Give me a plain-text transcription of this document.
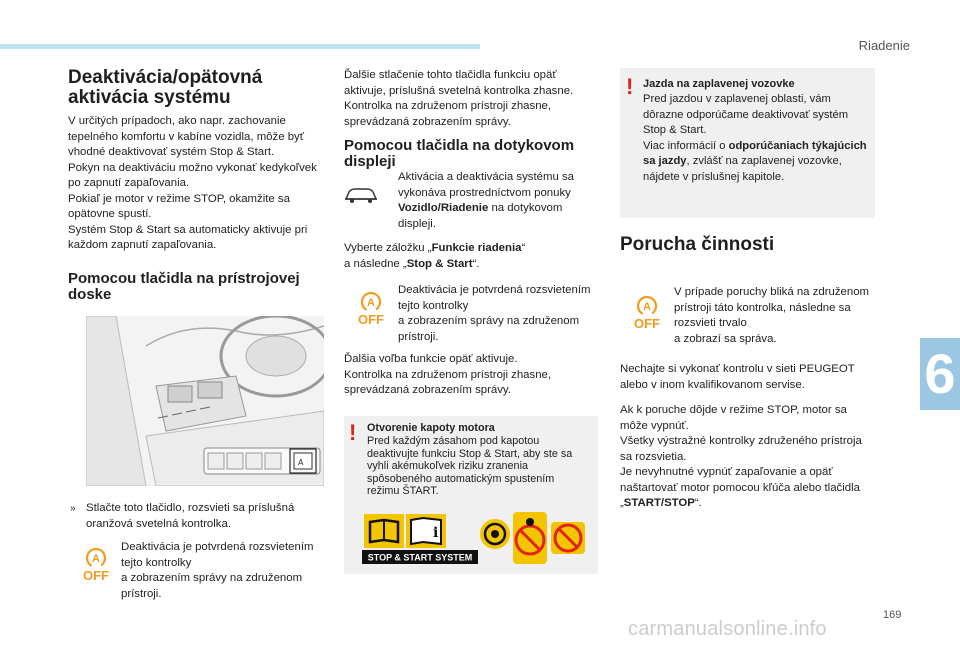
Riadenie
6
169
carmanualsonline.info
Deaktivácia/opätovná aktivácia systému
V určitých prípadoch, ako napr. zachovanie tepelného komfortu v kabíne vozidla, môže byť vhodné deaktivovať systém Stop & Start.
Pokyn na deaktiváciu možno vykonať kedykoľvek po zapnutí zapaľovania.
Pokiaľ je motor v režime STOP, okamžite sa opätovne spustí.
Systém Stop & Start sa automaticky aktivuje pri každom zapnutí zapaľovania.
Pomocou tlačidla na prístrojovej doske
A
» Stlačte toto tlačidlo, rozsvieti sa príslušná oranžová svetelná kontrolka.
A
OFF
Deaktivácia je potvrdená rozsvietením tejto kontrolky
a zobrazením správy na združenom prístroji.
Ďalšie stlačenie tohto tlačidla funkciu opäť aktivuje, príslušná svetelná kontrolka zhasne.
Kontrolka na združenom prístroji zhasne, sprevádzaná zobrazením správy.
Pomocou tlačidla na dotykovom displeji
Aktivácia a deaktivácia systému sa vykonáva prostredníctvom ponuky Vozidlo/Riadenie na dotykovom displeji.
Vyberte záložku „Funkcie riadenia“
a následne „Stop & Start“.
A
OFF
Deaktivácia je potvrdená rozsvietením tejto kontrolky
a zobrazením správy na združenom prístroji.
Ďalšia voľba funkcie opäť aktivuje.
Kontrolka na združenom prístroji zhasne, sprevádzaná zobrazením správy.
! Otvorenie kapoty motora
Pred každým zásahom pod kapotou deaktivujte funkciu Stop & Start, aby ste sa vyhli akémukoľvek riziku zranenia spôsobeného automatickým spustením režimu ŠTART.
i
STOP & START SYSTEM
! Jazda na zaplavenej vozovke
Pred jazdou v zaplavenej oblasti, vám dôrazne odporúčame deaktivovať systém Stop & Start.
Viac informácií o odporúčaniach týkajúcich sa jazdy, zvlášť na zaplavenej vozovke, nájdete v príslušnej kapitole.
Porucha činnosti
A
OFF
V prípade poruchy bliká na združenom prístroji táto kontrolka, následne sa rozsvieti trvalo
a zobrazí sa správa.
Nechajte si vykonať kontrolu v sieti PEUGEOT alebo v inom kvalifikovanom servise.
Ak k poruche dôjde v režime STOP, motor sa môže vypnúť.
Všetky výstražné kontrolky združeného prístroja sa rozsvietia.
Je nevyhnutné vypnúť zapaľovanie a opäť naštartovať motor pomocou kľúča alebo tlačidla „START/STOP“.
